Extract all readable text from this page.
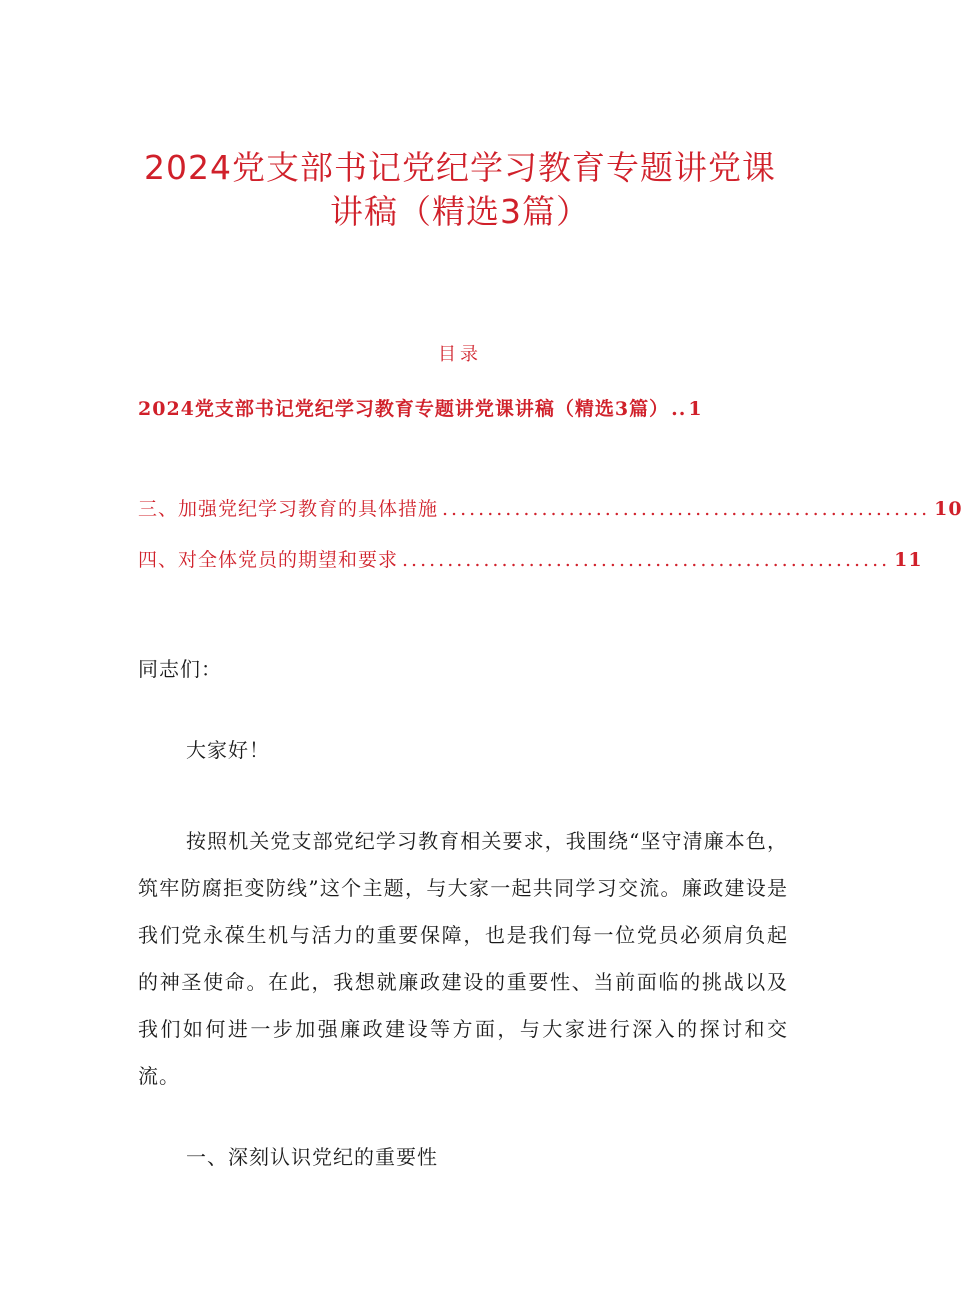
2024党支部书记党纪学习教育专题讲党课
讲稿（精选3篇）
目录
2024党支部书记党纪学习教育专题讲党课讲稿（精选3篇） .. 1
三、加强党纪学习教育的具体措施 ...................................................... 10
四、对全体党员的期望和要求 ...................................................... 11

同志们：

大家好！

按照机关党支部党纪学习教育相关要求，我围绕“坚守清廉本色，筑牢防腐拒变防线”这个主题，与大家一起共同学习交流。廉政建设是我们党永葆生机与活力的重要保障，也是我们每一位党员必须肩负起的神圣使命。在此，我想就廉政建设的重要性、当前面临的挑战以及我们如何进一步加强廉政建设等方面，与大家进行深入的探讨和交流。

一、深刻认识党纪的重要性
